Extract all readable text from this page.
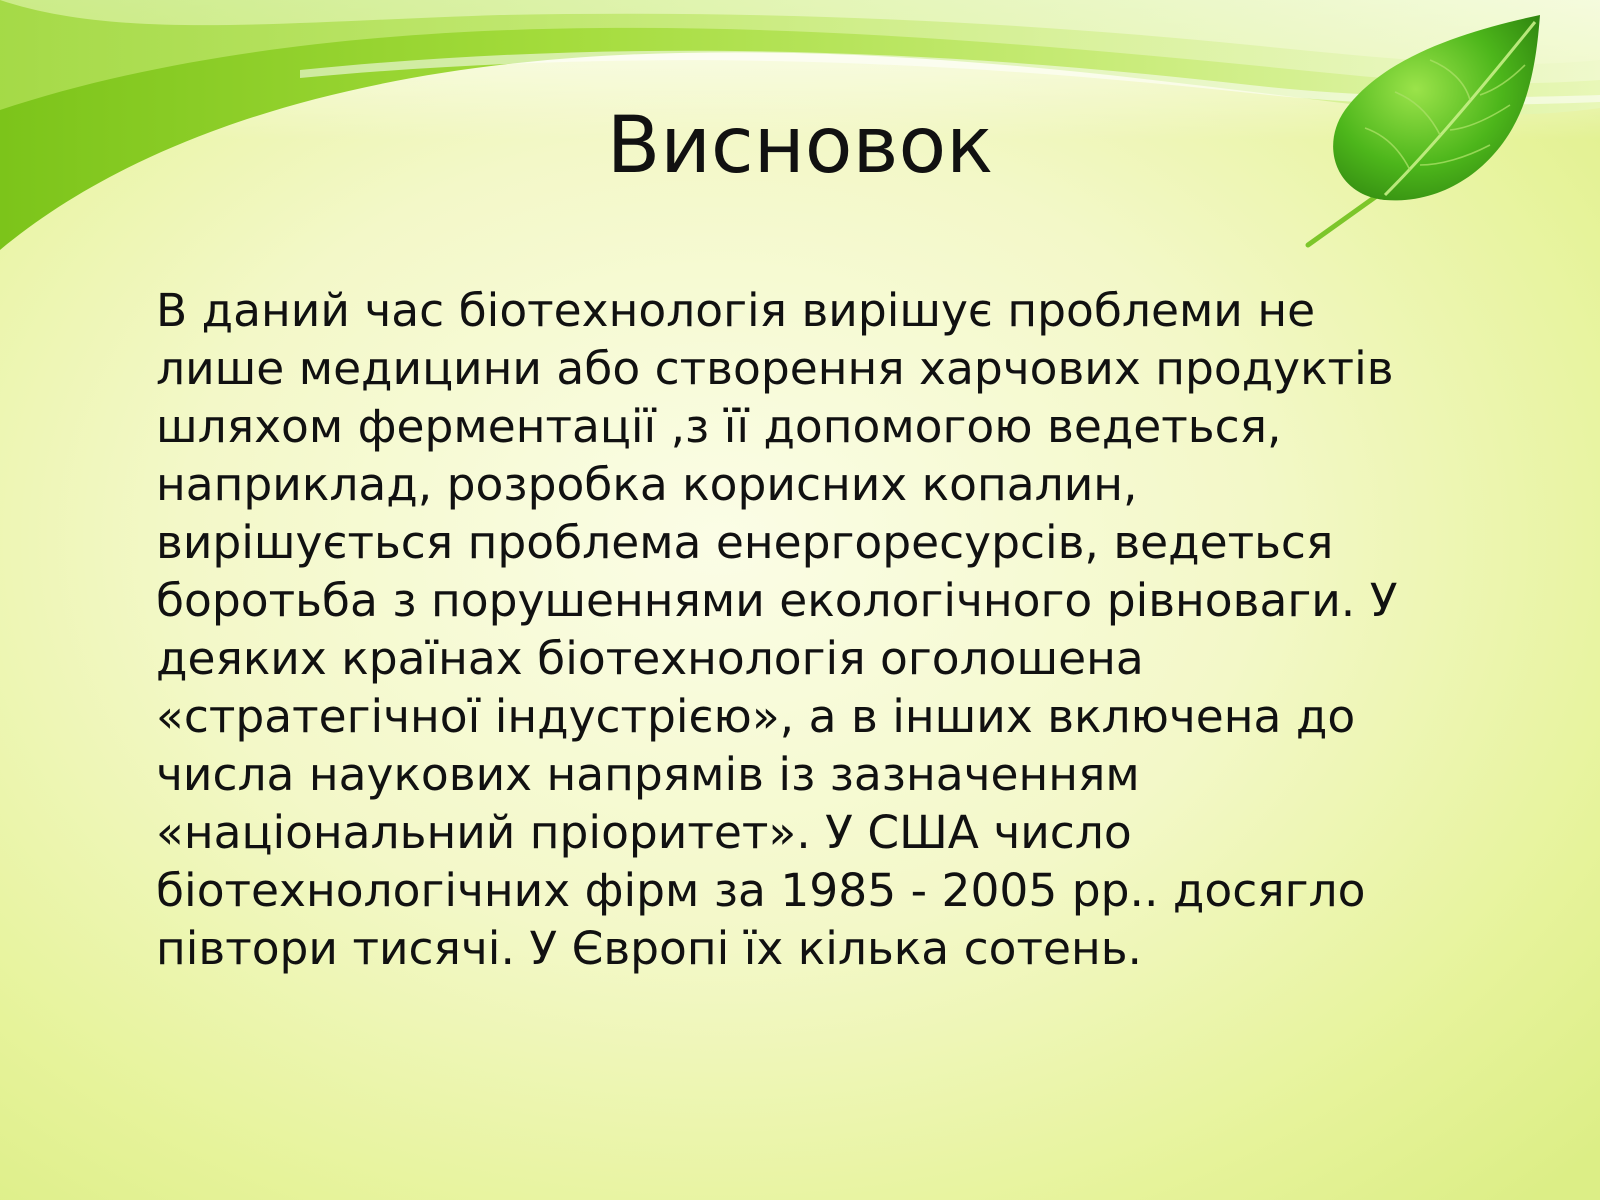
Висновок
В даний час біотехнологія вирішує проблеми не
лише медицини або створення харчових продуктів
шляхом ферментації ,з її допомогою ведеться,
наприклад, розробка корисних копалин,
вирішується проблема енергоресурсів, ведеться
боротьба з порушеннями екологічного рівноваги. У
деяких країнах біотехнологія оголошена
«стратегічної індустрією», а в інших включена до
числа наукових напрямів із зазначенням
«національний пріоритет». У США число
біотехнологічних фірм за 1985 - 2005 рр.. досягло
півтори тисячі. У Європі їх кілька сотень.
